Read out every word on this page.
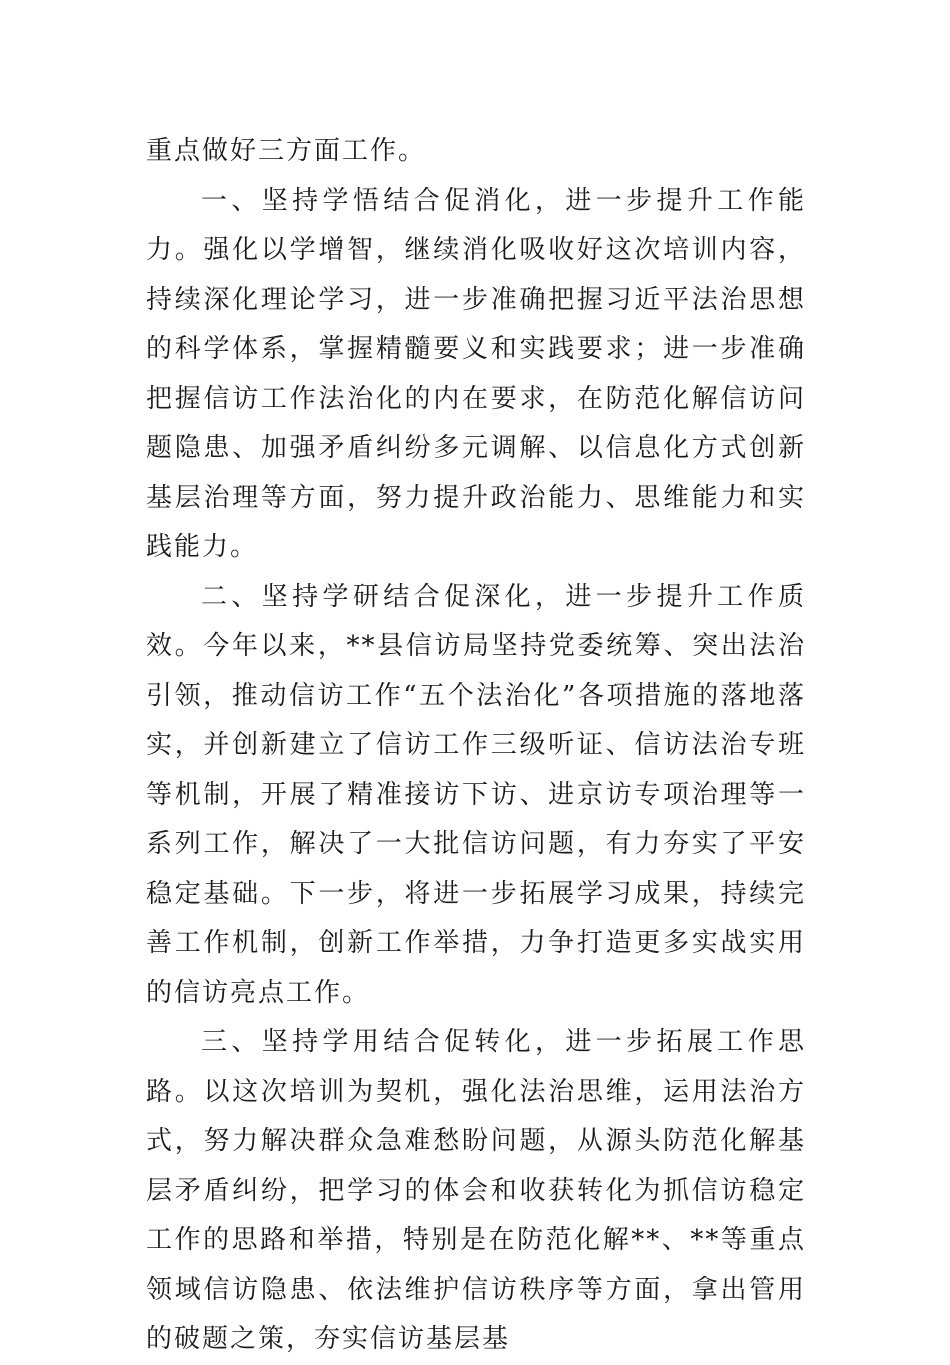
重点做好三方面工作。

一、坚持学悟结合促消化，进一步提升工作能力。强化以学增智，继续消化吸收好这次培训内容，持续深化理论学习，进一步准确把握习近平法治思想的科学体系，掌握精髓要义和实践要求；进一步准确把握信访工作法治化的内在要求，在防范化解信访问题隐患、加强矛盾纠纷多元调解、以信息化方式创新基层治理等方面，努力提升政治能力、思维能力和实践能力。

二、坚持学研结合促深化，进一步提升工作质效。今年以来，**县信访局坚持党委统筹、突出法治引领，推动信访工作“五个法治化”各项措施的落地落实，并创新建立了信访工作三级听证、信访法治专班等机制，开展了精准接访下访、进京访专项治理等一系列工作，解决了一大批信访问题，有力夯实了平安稳定基础。下一步，将进一步拓展学习成果，持续完善工作机制，创新工作举措，力争打造更多实战实用的信访亮点工作。

三、坚持学用结合促转化，进一步拓展工作思路。以这次培训为契机，强化法治思维，运用法治方式，努力解决群众急难愁盼问题，从源头防范化解基层矛盾纠纷，把学习的体会和收获转化为抓信访稳定工作的思路和举措，特别是在防范化解**、**等重点领域信访隐患、依法维护信访秩序等方面，拿出管用的破题之策，夯实信访基层基
